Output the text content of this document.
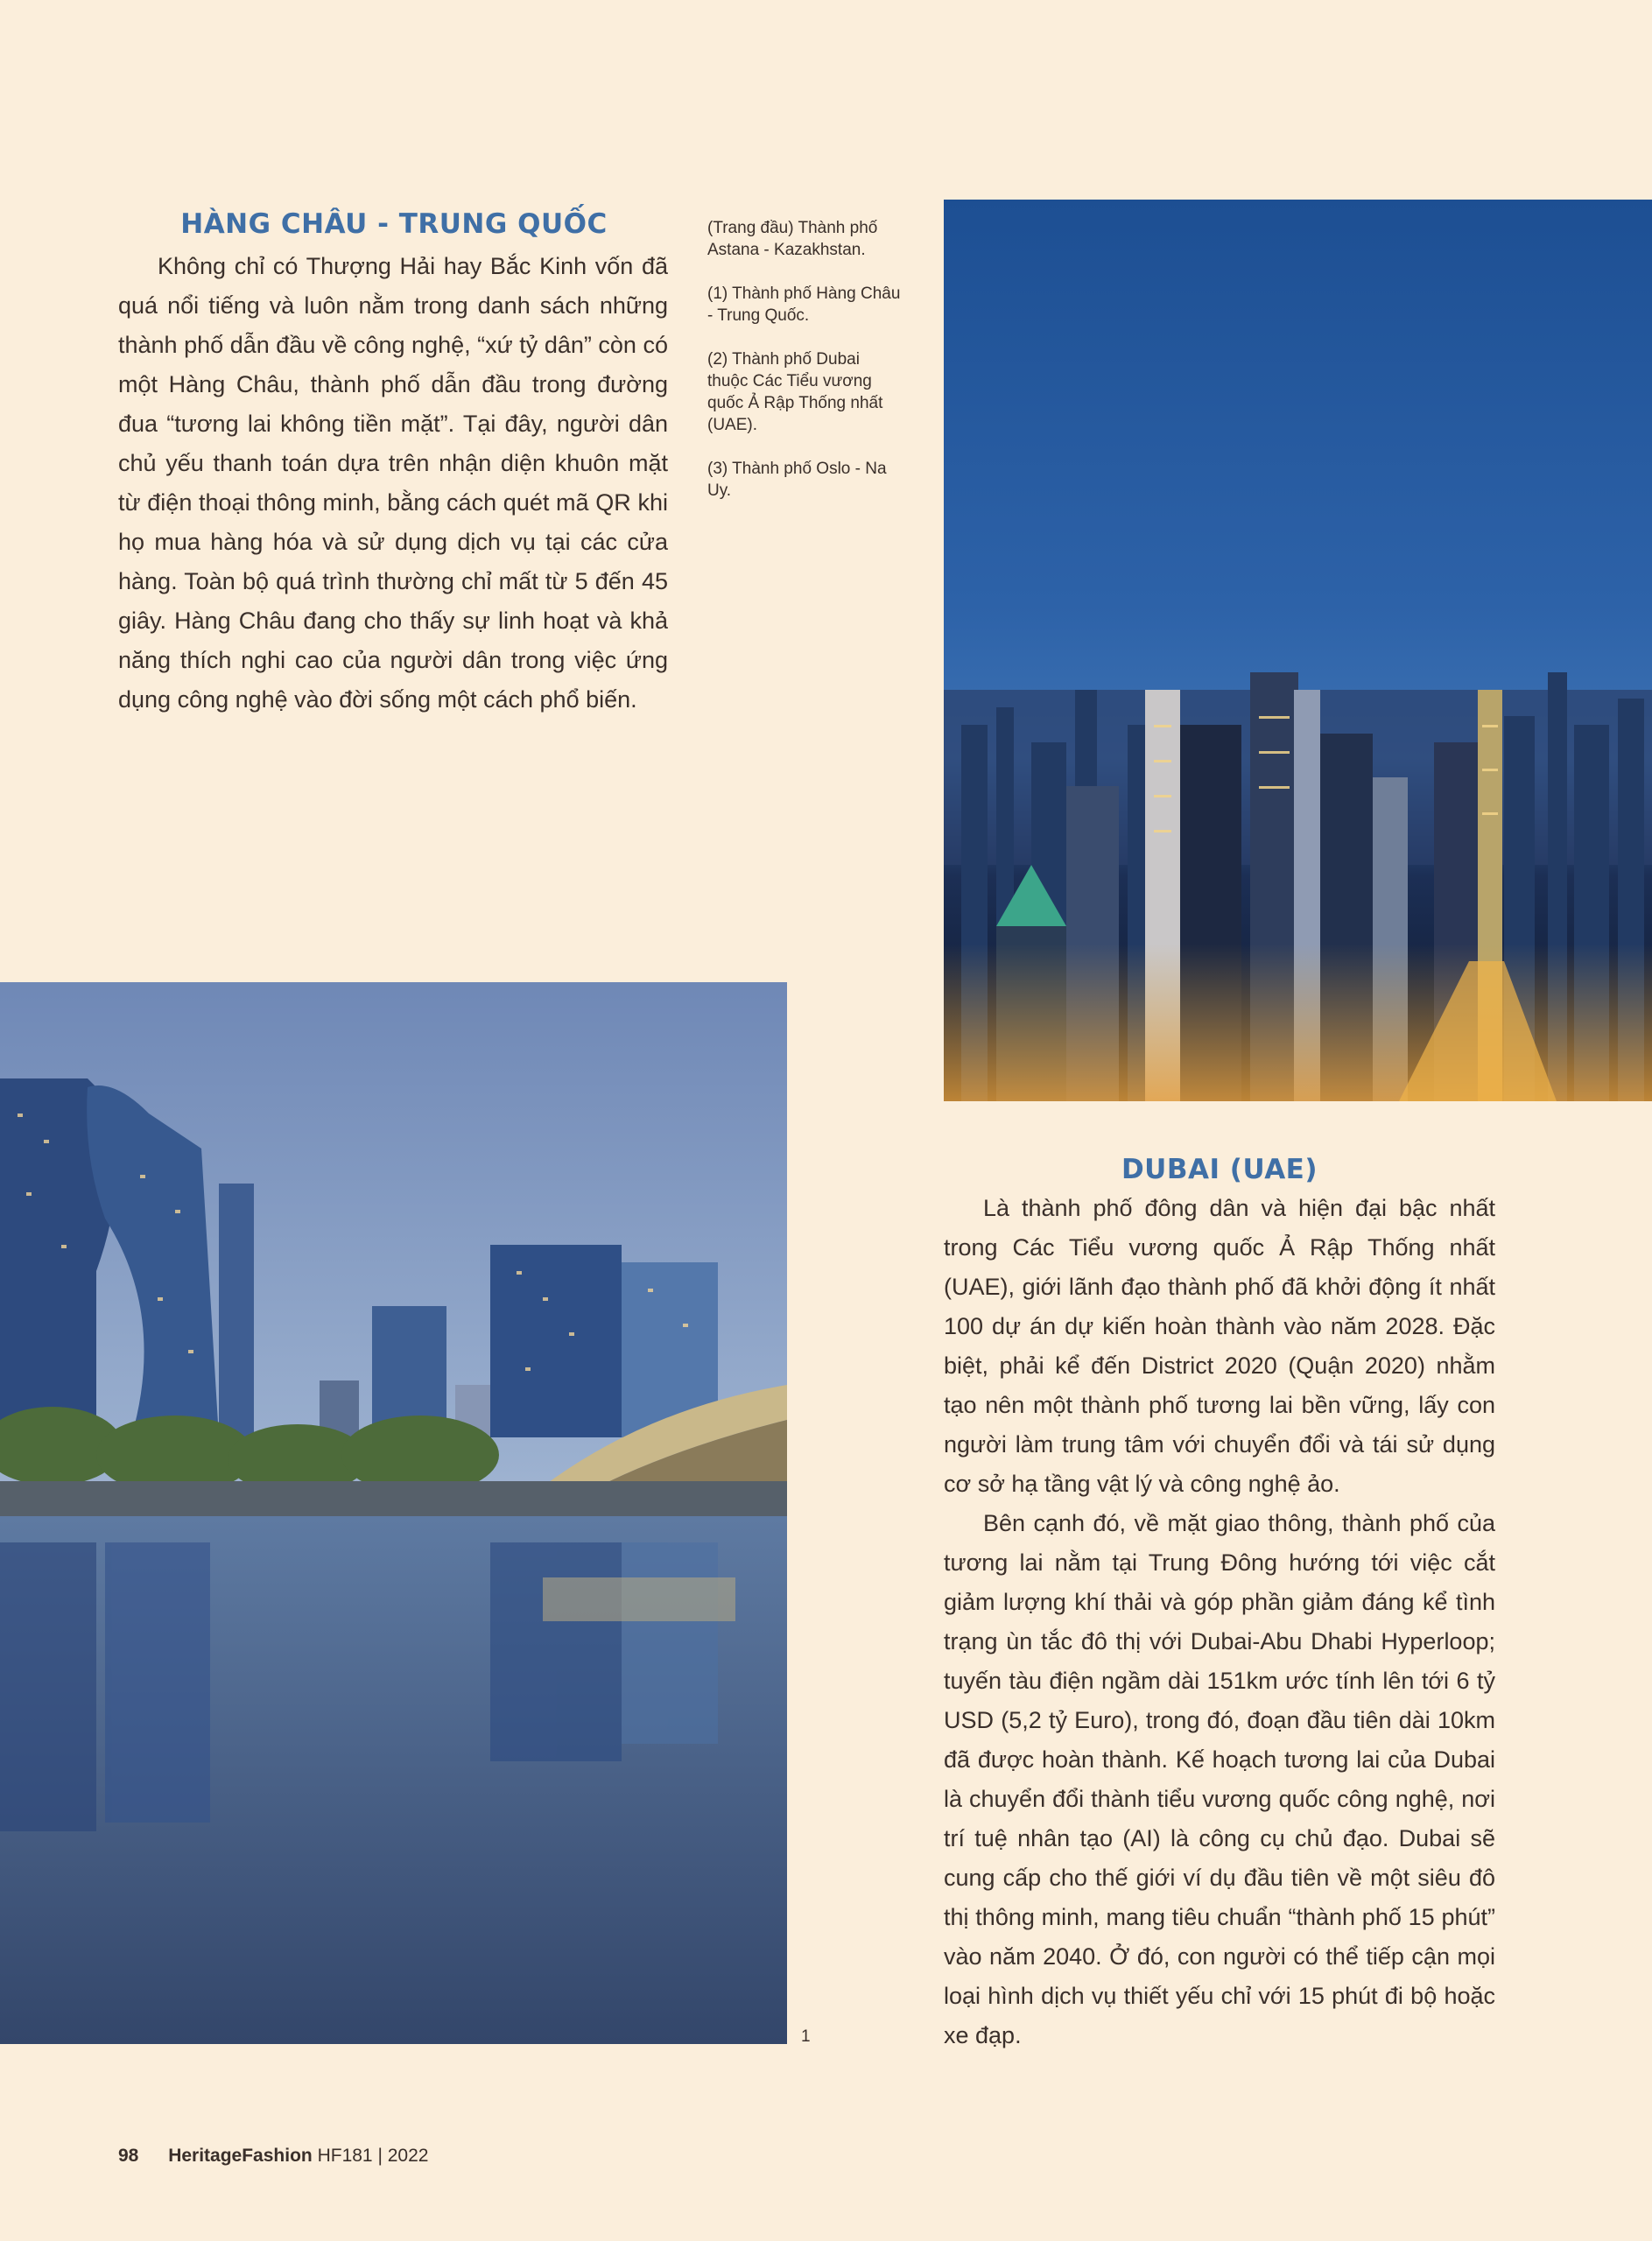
HÀNG CHÂU - TRUNG QUỐC

Không chỉ có Thượng Hải hay Bắc Kinh vốn đã quá nổi tiếng và luôn nằm trong danh sách những thành phố dẫn đầu về công nghệ, “xứ tỷ dân” còn có một Hàng Châu, thành phố dẫn đầu trong đường đua “tương lai không tiền mặt”. Tại đây, người dân chủ yếu thanh toán dựa trên nhận diện khuôn mặt từ điện thoại thông minh, bằng cách quét mã QR khi họ mua hàng hóa và sử dụng dịch vụ tại các cửa hàng. Toàn bộ quá trình thường chỉ mất từ 5 đến 45 giây. Hàng Châu đang cho thấy sự linh hoạt và khả năng thích nghi cao của người dân trong việc ứng dụng công nghệ vào đời sống một cách phổ biến.

(Trang đầu) Thành phố Astana - Kazakhstan.

(1) Thành phố Hàng Châu - Trung Quốc.

(2) Thành phố Dubai thuộc Các Tiểu vương quốc Ả Rập Thống nhất (UAE).

(3) Thành phố Oslo - Na Uy.

1
DUBAI (UAE)

Là thành phố đông dân và hiện đại bậc nhất trong Các Tiểu vương quốc Ả Rập Thống nhất (UAE), giới lãnh đạo thành phố đã khởi động ít nhất 100 dự án dự kiến hoàn thành vào năm 2028. Đặc biệt, phải kể đến District 2020 (Quận 2020) nhằm tạo nên một thành phố tương lai bền vững, lấy con người làm trung tâm với chuyển đổi và tái sử dụng cơ sở hạ tầng vật lý và công nghệ ảo.

Bên cạnh đó, về mặt giao thông, thành phố của tương lai nằm tại Trung Đông hướng tới việc cắt giảm lượng khí thải và góp phần giảm đáng kể tình trạng ùn tắc đô thị với Dubai-Abu Dhabi Hyperloop; tuyến tàu điện ngầm dài 151km ước tính lên tới 6 tỷ USD (5,2 tỷ Euro), trong đó, đoạn đầu tiên dài 10km đã được hoàn thành. Kế hoạch tương lai của Dubai là chuyển đổi thành tiểu vương quốc công nghệ, nơi trí tuệ nhân tạo (AI) là công cụ chủ đạo. Dubai sẽ cung cấp cho thế giới ví dụ đầu tiên về một siêu đô thị thông minh, mang tiêu chuẩn “thành phố 15 phút” vào năm 2040. Ở đó, con người có thể tiếp cận mọi loại hình dịch vụ thiết yếu chỉ với 15 phút đi bộ hoặc xe đạp.

98 HeritageFashion HF181 | 2022
